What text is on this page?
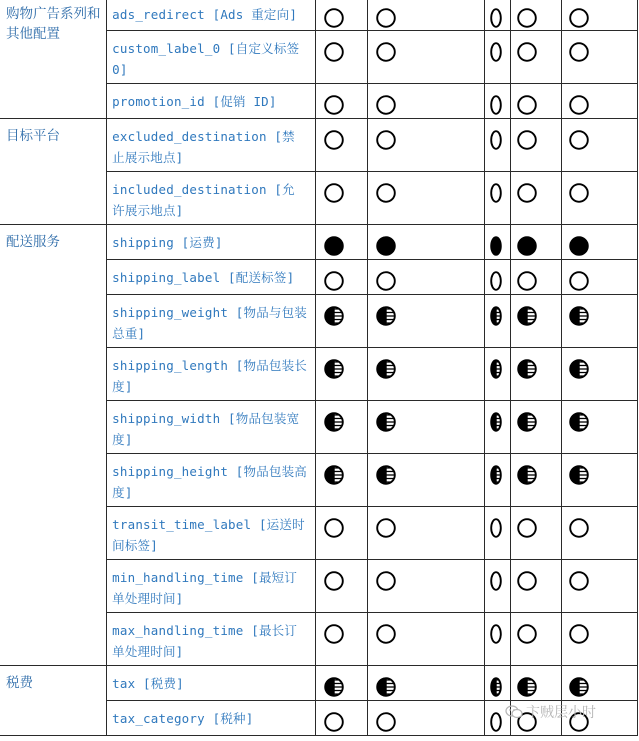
购物广告系列和其他配置	ads_redirect [Ads 重定向]	

	custom_label_0 [自定义标签0]	

	promotion_id [促销 ID]	

目标平台	excluded_destination [禁止展示地点]	

	included_destination [允许展示地点]	

配送服务	shipping [运费]	

	shipping_label [配送标签]	

	shipping_weight [物品与包装总重]	

	shipping_length [物品包装长度]	

	shipping_width [物品包装宽度]	

	shipping_height [物品包装高度]	

	transit_time_label [运送时间标签]	

	min_handling_time [最短订单处理时间]	

	max_handling_time [最长订单处理时间]	

税费	tax [税费]	

	tax_category [税种]	

		卞贼层小时
